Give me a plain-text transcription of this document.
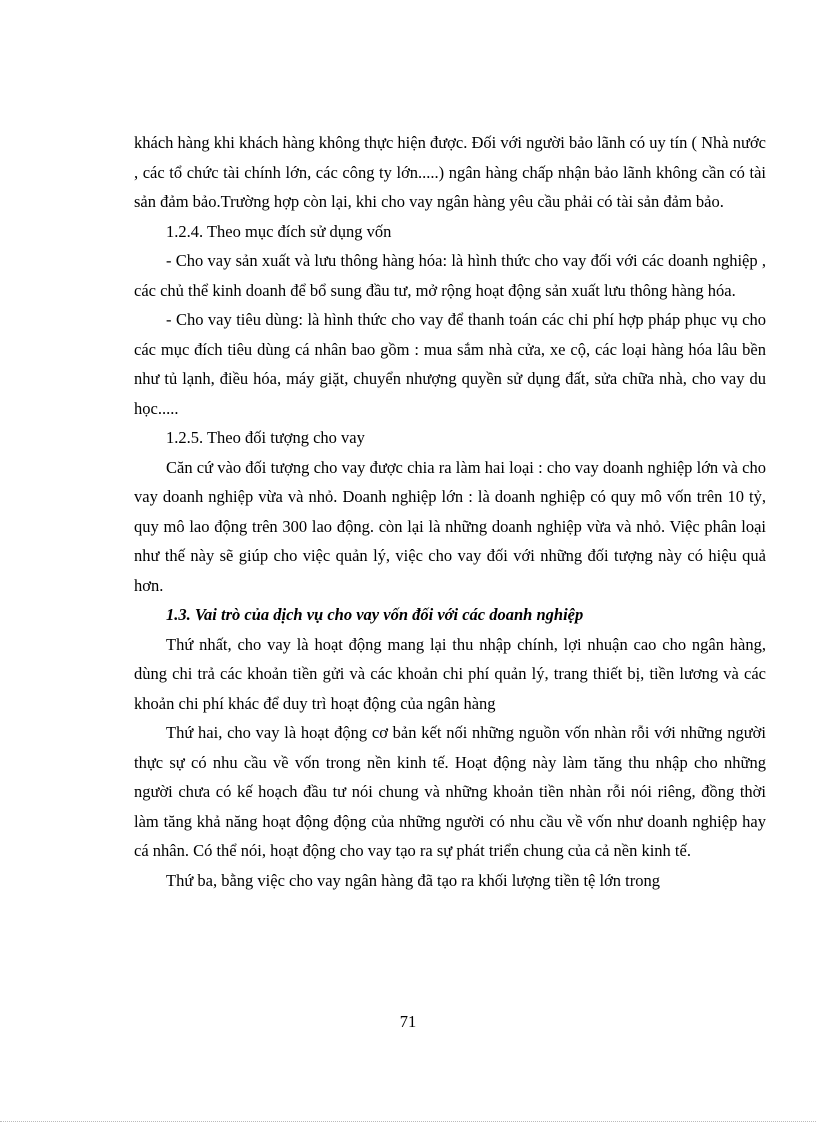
khách hàng khi khách hàng không thực hiện được. Đối với người bảo lãnh có uy tín ( Nhà nước , các tổ chức tài chính lớn, các công ty lớn.....) ngân hàng chấp nhận bảo lãnh không cần có tài sản đảm bảo.Trường hợp còn lại, khi cho vay ngân hàng yêu cầu phải có tài sản đảm bảo.

1.2.4. Theo mục đích sử dụng vốn

- Cho vay sản xuất và lưu thông hàng hóa: là hình thức cho vay đối với các doanh nghiệp , các chủ thể kinh doanh để bổ sung đầu tư, mở rộng hoạt động sản xuất lưu thông hàng hóa.

- Cho vay tiêu dùng: là hình thức cho vay để thanh toán các chi phí hợp pháp phục vụ cho các mục đích tiêu dùng cá nhân bao gồm : mua sắm nhà cửa, xe cộ, các loại hàng hóa lâu bền như tủ lạnh, điều hóa, máy giặt, chuyển nhượng quyền sử dụng đất, sửa chữa nhà, cho vay du học.....

1.2.5. Theo đối tượng cho vay

Căn cứ vào đối tượng cho vay được chia ra làm hai loại : cho vay doanh nghiệp lớn và cho vay doanh nghiệp vừa và nhỏ. Doanh nghiệp lớn : là doanh nghiệp có quy mô vốn trên 10 tỷ, quy mô lao động trên 300 lao động. còn lại là những doanh nghiệp vừa và nhỏ. Việc phân loại như thế này sẽ giúp cho việc quản lý, việc cho vay đối với những đối tượng này có hiệu quả hơn.

1.3. Vai trò của dịch vụ cho vay vốn đối với các doanh nghiệp

Thứ nhất, cho vay là hoạt động mang lại thu nhập chính, lợi nhuận cao cho ngân hàng, dùng chi trả các khoản tiền gửi và các khoản chi phí quản lý, trang thiết bị, tiền lương và các khoản chi phí khác để duy trì hoạt động của ngân hàng

Thứ hai, cho vay là hoạt động cơ bản kết nối những nguồn vốn nhàn rỗi với những người thực sự có nhu cầu về vốn trong nền kinh tế. Hoạt động này làm tăng thu nhập cho những người chưa có kế hoạch đầu tư nói chung và những khoản tiền nhàn rỗi nói riêng, đồng thời làm tăng khả năng hoạt động động của những người có nhu cầu về vốn như doanh nghiệp hay cá nhân. Có thể nói, hoạt động cho vay tạo ra sự phát triển chung của cả nền kinh tế.

Thứ ba, bằng việc cho vay ngân hàng đã tạo ra khối lượng tiền tệ lớn trong

71
